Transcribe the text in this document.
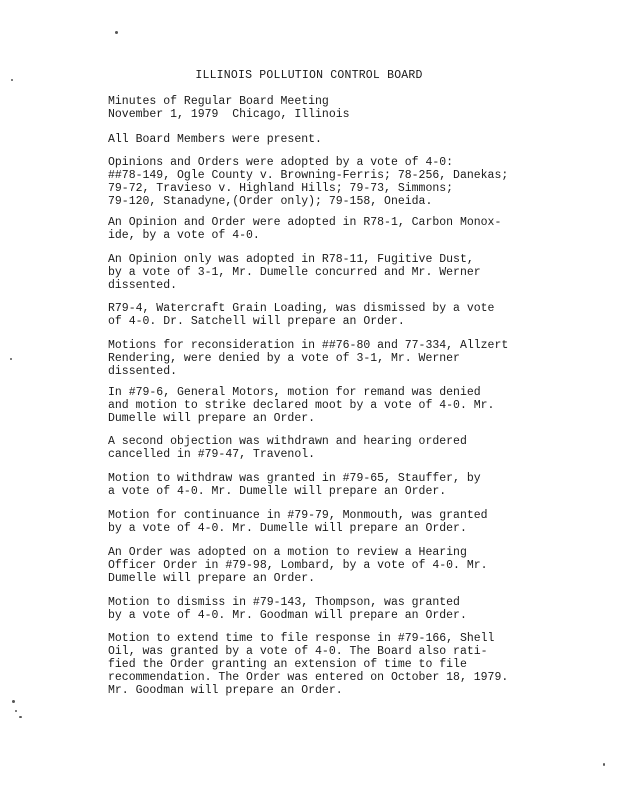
ILLINOIS POLLUTION CONTROL BOARD
Minutes of Regular Board Meeting
November 1, 1979  Chicago, Illinois
All Board Members were present.
Opinions and Orders were adopted by a vote of 4-0:
##78-149, Ogle County v. Browning-Ferris; 78-256, Danekas;
79-72, Travieso v. Highland Hills; 79-73, Simmons;
79-120, Stanadyne,(Order only); 79-158, Oneida.
An Opinion and Order were adopted in R78-1, Carbon Monox-
ide, by a vote of 4-0.
An Opinion only was adopted in R78-11, Fugitive Dust,
by a vote of 3-1, Mr. Dumelle concurred and Mr. Werner
dissented.
R79-4, Watercraft Grain Loading, was dismissed by a vote
of 4-0. Dr. Satchell will prepare an Order.
Motions for reconsideration in ##76-80 and 77-334, Allzert
Rendering, were denied by a vote of 3-1, Mr. Werner
dissented.
In #79-6, General Motors, motion for remand was denied
and motion to strike declared moot by a vote of 4-0. Mr.
Dumelle will prepare an Order.
A second objection was withdrawn and hearing ordered
cancelled in #79-47, Travenol.
Motion to withdraw was granted in #79-65, Stauffer, by
a vote of 4-0. Mr. Dumelle will prepare an Order.
Motion for continuance in #79-79, Monmouth, was granted
by a vote of 4-0. Mr. Dumelle will prepare an Order.
An Order was adopted on a motion to review a Hearing
Officer Order in #79-98, Lombard, by a vote of 4-0. Mr.
Dumelle will prepare an Order.
Motion to dismiss in #79-143, Thompson, was granted
by a vote of 4-0. Mr. Goodman will prepare an Order.
Motion to extend time to file response in #79-166, Shell
Oil, was granted by a vote of 4-0. The Board also rati-
fied the Order granting an extension of time to file
recommendation. The Order was entered on October 18, 1979.
Mr. Goodman will prepare an Order.
